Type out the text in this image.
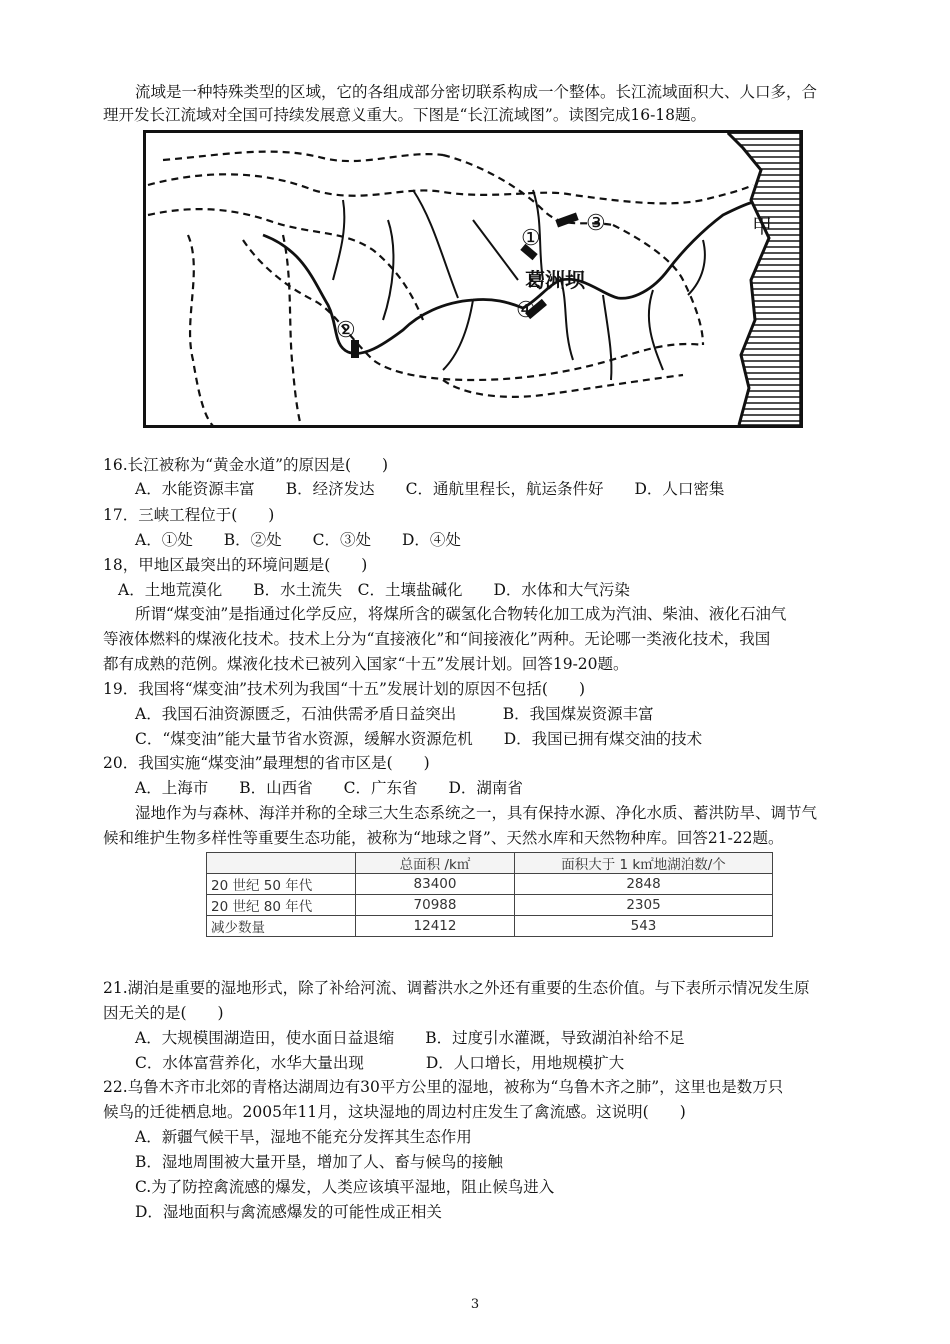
流域是一种特殊类型的区域，它的各组成部分密切联系构成一个整体。长江流域面积大、人口多，合
理开发长江流域对全国可持续发展意义重大。下图是“长江流域图”。读图完成16-18题。
①
②
③
④
葛洲坝
甲
16.长江被称为“黄金水道”的原因是(　　)
A．水能资源丰富　　B．经济发达　　C．通航里程长，航运条件好　　D．人口密集
17．三峡工程位于(　　)
A．①处　　B．②处　　C．③处　　D．④处
18，甲地区最突出的环境问题是(　　)
A．土地荒漠化　　B．水土流失　C．土壤盐碱化　　D．水体和大气污染
所谓“煤变油”是指通过化学反应，将煤所含的碳氢化合物转化加工成为汽油、柴油、液化石油气
等液体燃料的煤液化技术。技术上分为“直接液化”和“间接液化”两种。无论哪一类液化技术，我国
都有成熟的范例。煤液化技术已被列入国家“十五”发展计划。回答19-20题。
19．我国将“煤变油”技术列为我国“十五”发展计划的原因不包括(　　)
A．我国石油资源匮乏，石油供需矛盾日益突出　　　B．我国煤炭资源丰富
C．“煤变油”能大量节省水资源，缓解水资源危机　　D．我国已拥有煤交油的技术
20．我国实施“煤变油”最理想的省市区是(　　)
A．上海市　　B．山西省　　C．广东省　　D．湖南省
湿地作为与森林、海洋并称的全球三大生态系统之一，具有保持水源、净化水质、蓄洪防旱、调节气
候和维护生物多样性等重要生态功能，被称为“地球之肾”、天然水库和天然物种库。回答21-22题。
	总面积 /k㎡	面积大于 1 k㎡地湖泊数/个
20 世纪 50 年代	83400	2848
20 世纪 80 年代	70988	2305
减少数量	12412	543
21.湖泊是重要的湿地形式，除了补给河流、调蓄洪水之外还有重要的生态价值。与下表所示情况发生原
因无关的是(　　)
A．大规模围湖造田，使水面日益退缩　　B．过度引水灌溉，导致湖泊补给不足
C．水体富营养化，水华大量出现　　　　D．人口增长，用地规模扩大
22.乌鲁木齐市北郊的青格达湖周边有30平方公里的湿地，被称为“乌鲁木齐之肺”，这里也是数万只
候鸟的迁徙栖息地。2005年11月，这块湿地的周边村庄发生了禽流感。这说明(　　)
A．新疆气候干旱，湿地不能充分发挥其生态作用
B．湿地周围被大量开垦，增加了人、畜与候鸟的接触
C.为了防控禽流感的爆发，人类应该填平湿地，阻止候鸟进入
D．湿地面积与禽流感爆发的可能性成正相关
3
